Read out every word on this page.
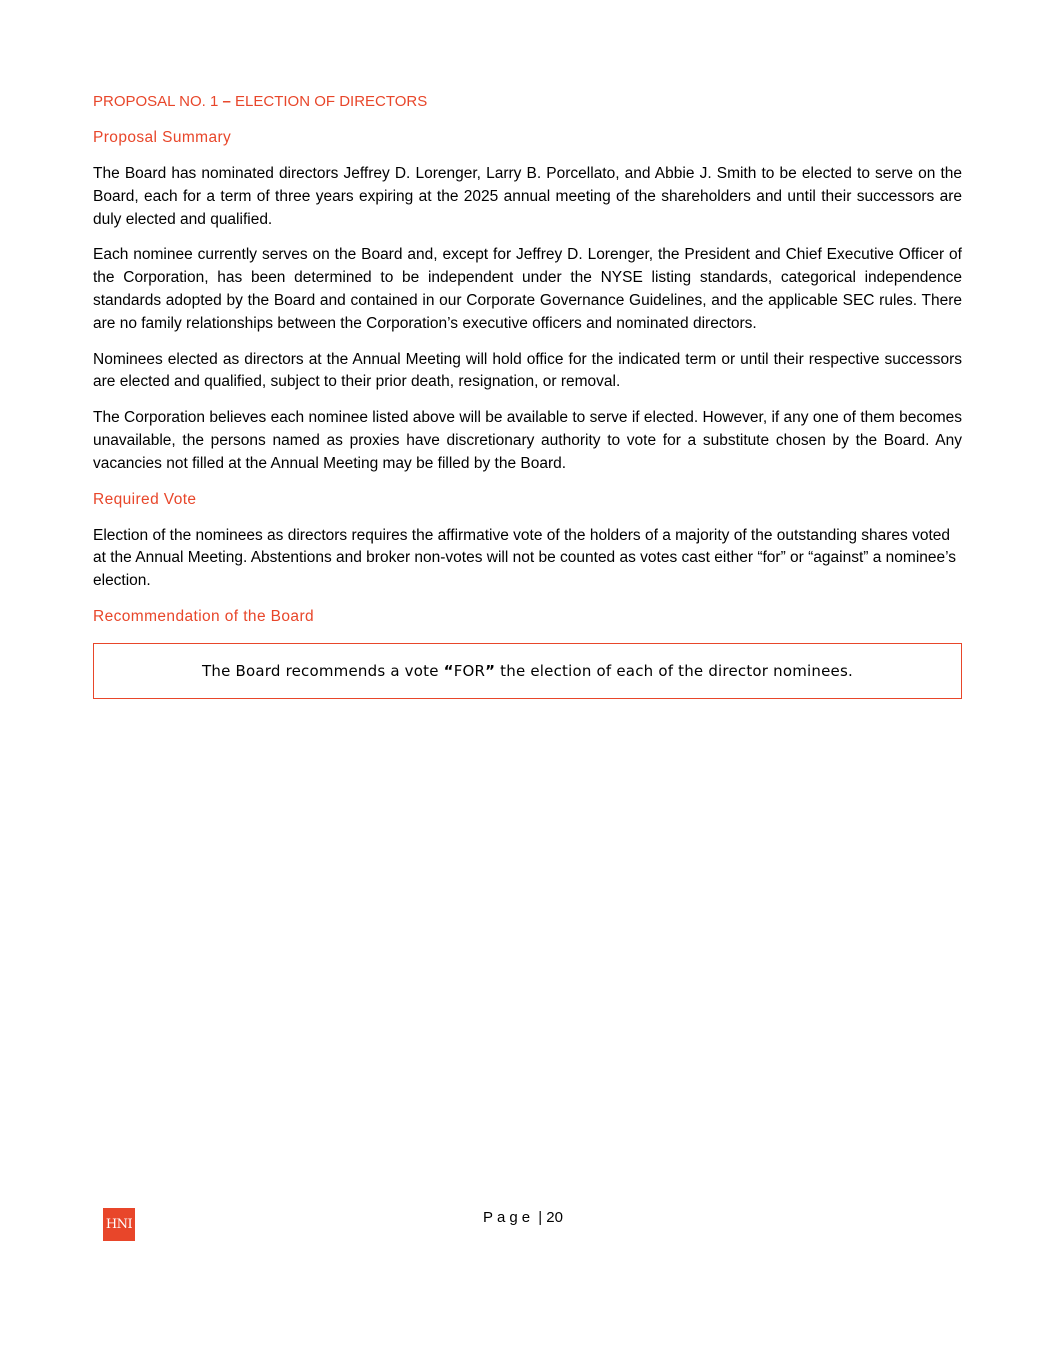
PROPOSAL NO. 1 – ELECTION OF DIRECTORS
Proposal Summary

The Board has nominated directors Jeffrey D. Lorenger, Larry B. Porcellato, and Abbie J. Smith to be elected to serve on the Board, each for a term of three years expiring at the 2025 annual meeting of the shareholders and until their successors are duly elected and qualified.

Each nominee currently serves on the Board and, except for Jeffrey D. Lorenger, the President and Chief Executive Officer of the Corporation, has been determined to be independent under the NYSE listing standards, categorical independence standards adopted by the Board and contained in our Corporate Governance Guidelines, and the applicable SEC rules. There are no family relationships between the Corporation’s executive officers and nominated directors.

Nominees elected as directors at the Annual Meeting will hold office for the indicated term or until their respective successors are elected and qualified, subject to their prior death, resignation, or removal.

The Corporation believes each nominee listed above will be available to serve if elected. However, if any one of them becomes unavailable, the persons named as proxies have discretionary authority to vote for a substitute chosen by the Board. Any vacancies not filled at the Annual Meeting may be filled by the Board.

Required Vote

Election of the nominees as directors requires the affirmative vote of the holders of a majority of the outstanding shares voted at the Annual Meeting. Abstentions and broker non-votes will not be counted as votes cast either “for” or “against” a nominee’s election.

Recommendation of the Board
The Board recommends a vote “FOR” the election of each of the director nominees.
HNI	Page | 20
